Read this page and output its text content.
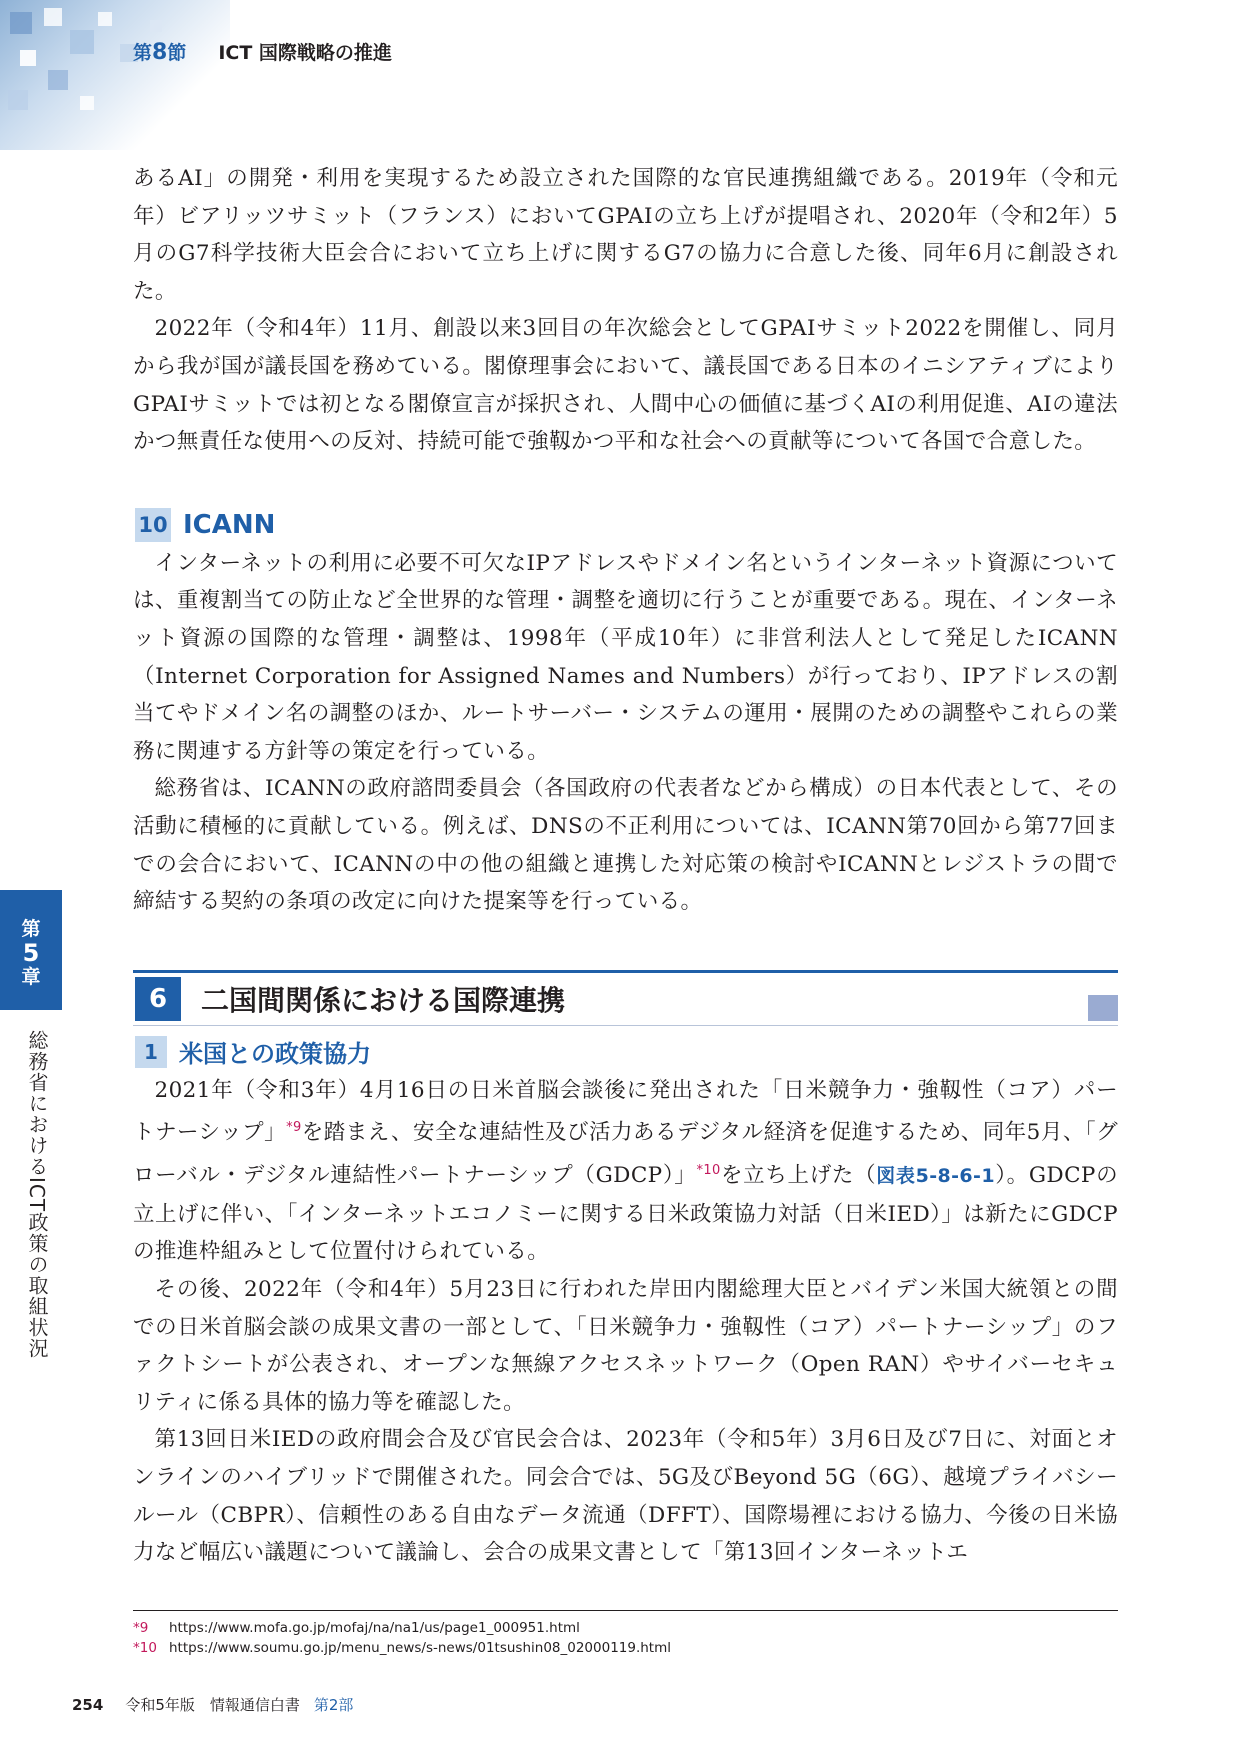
第8節 ICT 国際戦略の推進

あるAI」の開発・利用を実現するため設立された国際的な官民連携組織である。2019年（令和元年）ビアリッツサミット（フランス）においてGPAIの立ち上げが提唱され、2020年（令和2年）5月のG7科学技術大臣会合において立ち上げに関するG7の協力に合意した後、同年6月に創設された。

2022年（令和4年）11月、創設以来3回目の年次総会としてGPAIサミット2022を開催し、同月から我が国が議長国を務めている。閣僚理事会において、議長国である日本のイニシアティブによりGPAIサミットでは初となる閣僚宣言が採択され、人間中心の価値に基づくAIの利用促進、AIの違法かつ無責任な使用への反対、持続可能で強靱かつ平和な社会への貢献等について各国で合意した。

10 ICANN

インターネットの利用に必要不可欠なIPアドレスやドメイン名というインターネット資源については、重複割当ての防止など全世界的な管理・調整を適切に行うことが重要である。現在、インターネット資源の国際的な管理・調整は、1998年（平成10年）に非営利法人として発足したICANN（Internet Corporation for Assigned Names and Numbers）が行っており、IPアドレスの割当てやドメイン名の調整のほか、ルートサーバー・システムの運用・展開のための調整やこれらの業務に関連する方針等の策定を行っている。

総務省は、ICANNの政府諮問委員会（各国政府の代表者などから構成）の日本代表として、その活動に積極的に貢献している。例えば、DNSの不正利用については、ICANN第70回から第77回までの会合において、ICANNの中の他の組織と連携した対応策の検討やICANNとレジストラの間で締結する契約の条項の改定に向けた提案等を行っている。

6	二国間関係における国際連携
1 米国との政策協力

2021年（令和3年）4月16日の日米首脳会談後に発出された「日米競争力・強靱性（コア）パートナーシップ」$^{*9}$を踏まえ、安全な連結性及び活力あるデジタル経済を促進するため、同年5月、「グローバル・デジタル連結性パートナーシップ（GDCP）」$^{*10}$を立ち上げた（図表5-8-6-1）。GDCPの立上げに伴い、「インターネットエコノミーに関する日米政策協力対話（日米IED）」は新たにGDCPの推進枠組みとして位置付けられている。

その後、2022年（令和4年）5月23日に行われた岸田内閣総理大臣とバイデン米国大統領との間での日米首脳会談の成果文書の一部として、「日米競争力・強靱性（コア）パートナーシップ」のファクトシートが公表され、オープンな無線アクセスネットワーク（Open RAN）やサイバーセキュリティに係る具体的協力等を確認した。

第13回日米IEDの政府間会合及び官民会合は、2023年（令和5年）3月6日及び7日に、対面とオンラインのハイブリッドで開催された。同会合では、5G及びBeyond 5G（6G）、越境プライバシールール（CBPR）、信頼性のある自由なデータ流通（DFFT）、国際場裡における協力、今後の日米協力など幅広い議題について議論し、会合の成果文書として「第13回インターネットエ

*9 https://www.mofa.go.jp/mofaj/na/na1/us/page1_000951.html
*10 https://www.soumu.go.jp/menu_news/s-news/01tsushin08_02000119.html
第
5
章
総務省におけるICT政策の取組状況
254 令和5年版　情報通信白書 第2部
